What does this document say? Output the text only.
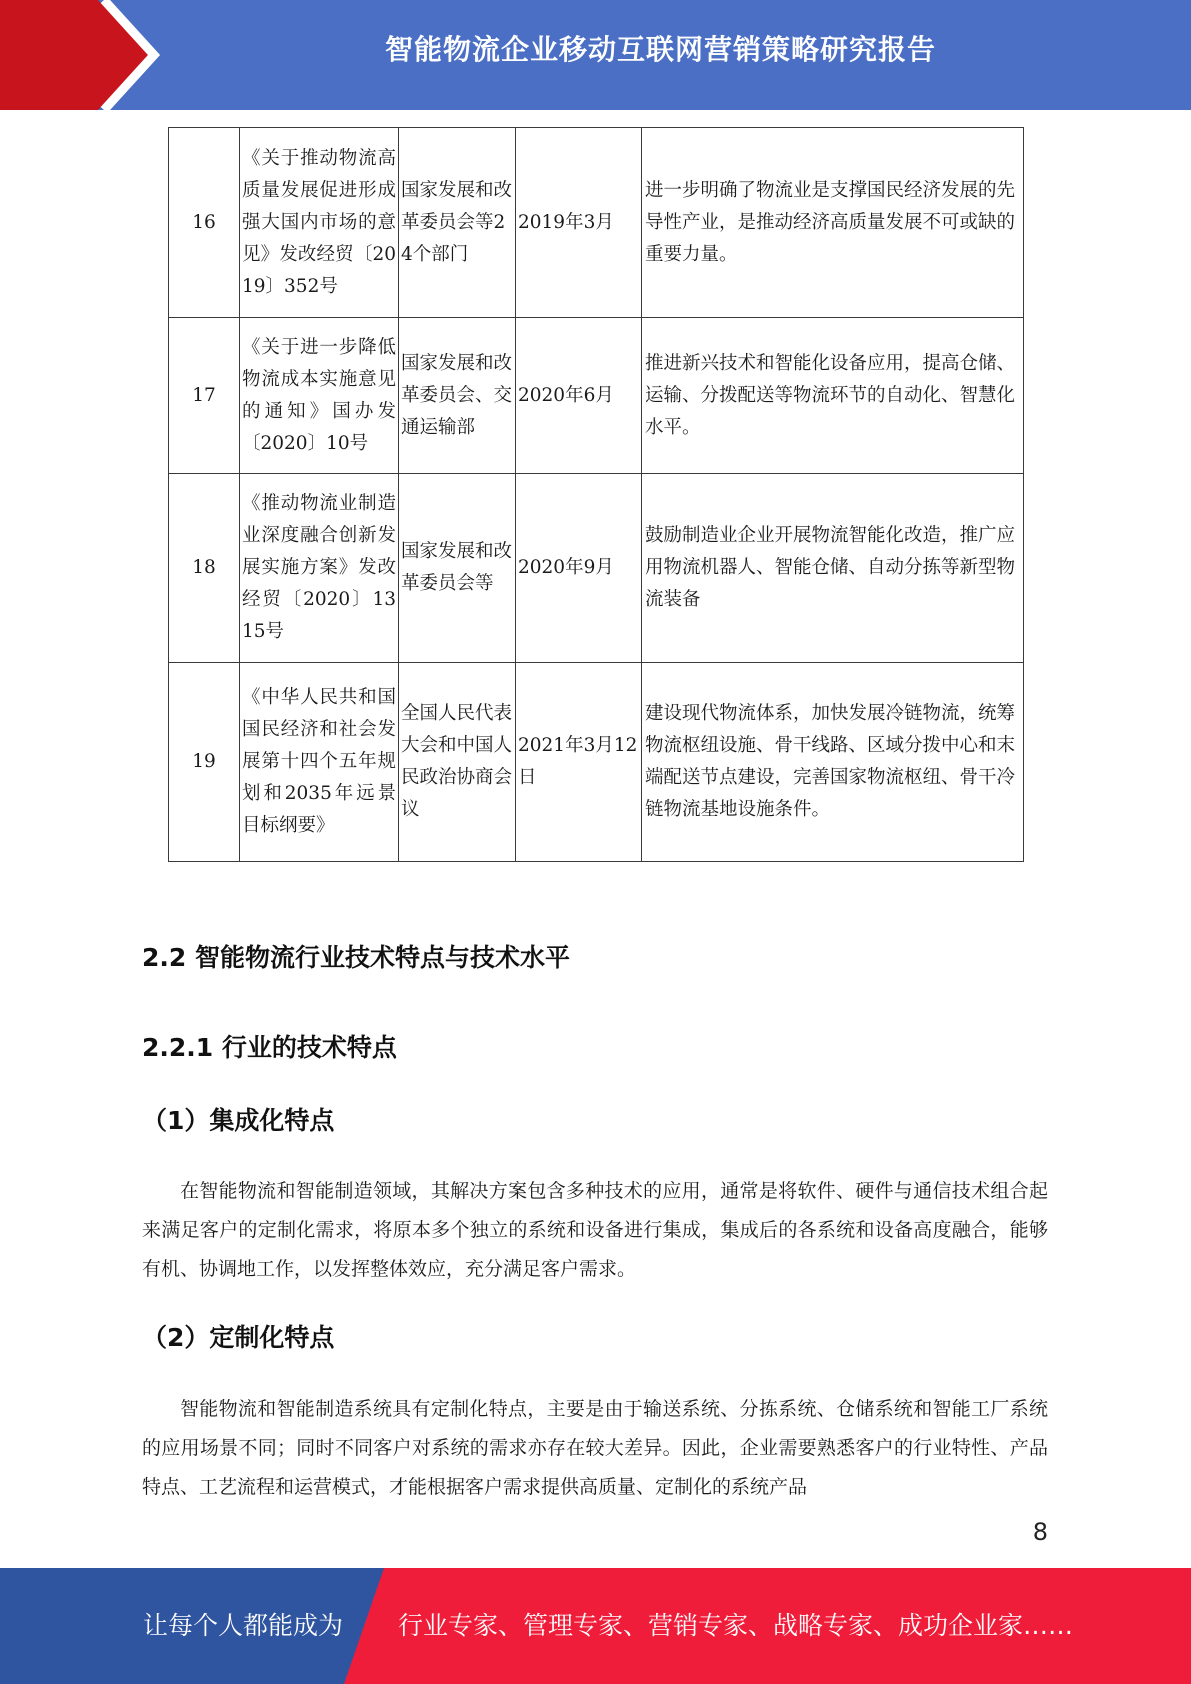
智能物流企业移动互联网营销策略研究报告
16	《关于推动物流高质量发展促进形成强大国内市场的意见》发改经贸〔2019〕352号	国家发展和改革委员会等24个部门	2019年3月	进一步明确了物流业是支撑国民经济发展的先导性产业，是推动经济高质量发展不可或缺的重要力量。
17	《关于进一步降低物流成本实施意见的通知》国办发〔2020〕10号	国家发展和改革委员会、交通运输部	2020年6月	推进新兴技术和智能化设备应用，提高仓储、运输、分拨配送等物流环节的自动化、智慧化水平。
18	《推动物流业制造业深度融合创新发展实施方案》发改经贸〔2020〕1315号	国家发展和改革委员会等	2020年9月	鼓励制造业企业开展物流智能化改造，推广应用物流机器人、智能仓储、自动分拣等新型物流装备
19	《中华人民共和国国民经济和社会发展第十四个五年规划和2035年远景目标纲要》	全国人民代表大会和中国人民政治协商会议	2021年3月12日	建设现代物流体系，加快发展冷链物流，统筹物流枢纽设施、骨干线路、区域分拨中心和末端配送节点建设，完善国家物流枢纽、骨干冷链物流基地设施条件。
2.2 智能物流行业技术特点与技术水平
2.2.1 行业的技术特点
（1）集成化特点

在智能物流和智能制造领域，其解决方案包含多种技术的应用，通常是将软件、硬件与通信技术组合起来满足客户的定制化需求，将原本多个独立的系统和设备进行集成，集成后的各系统和设备高度融合，能够有机、协调地工作，以发挥整体效应，充分满足客户需求。

（2）定制化特点

智能物流和智能制造系统具有定制化特点，主要是由于输送系统、分拣系统、仓储系统和智能工厂系统的应用场景不同；同时不同客户对系统的需求亦存在较大差异。因此，企业需要熟悉客户的行业特性、产品特点、工艺流程和运营模式，才能根据客户需求提供高质量、定制化的系统产品

8
让每个人都能成为 行业专家、管理专家、营销专家、战略专家、成功企业家……
